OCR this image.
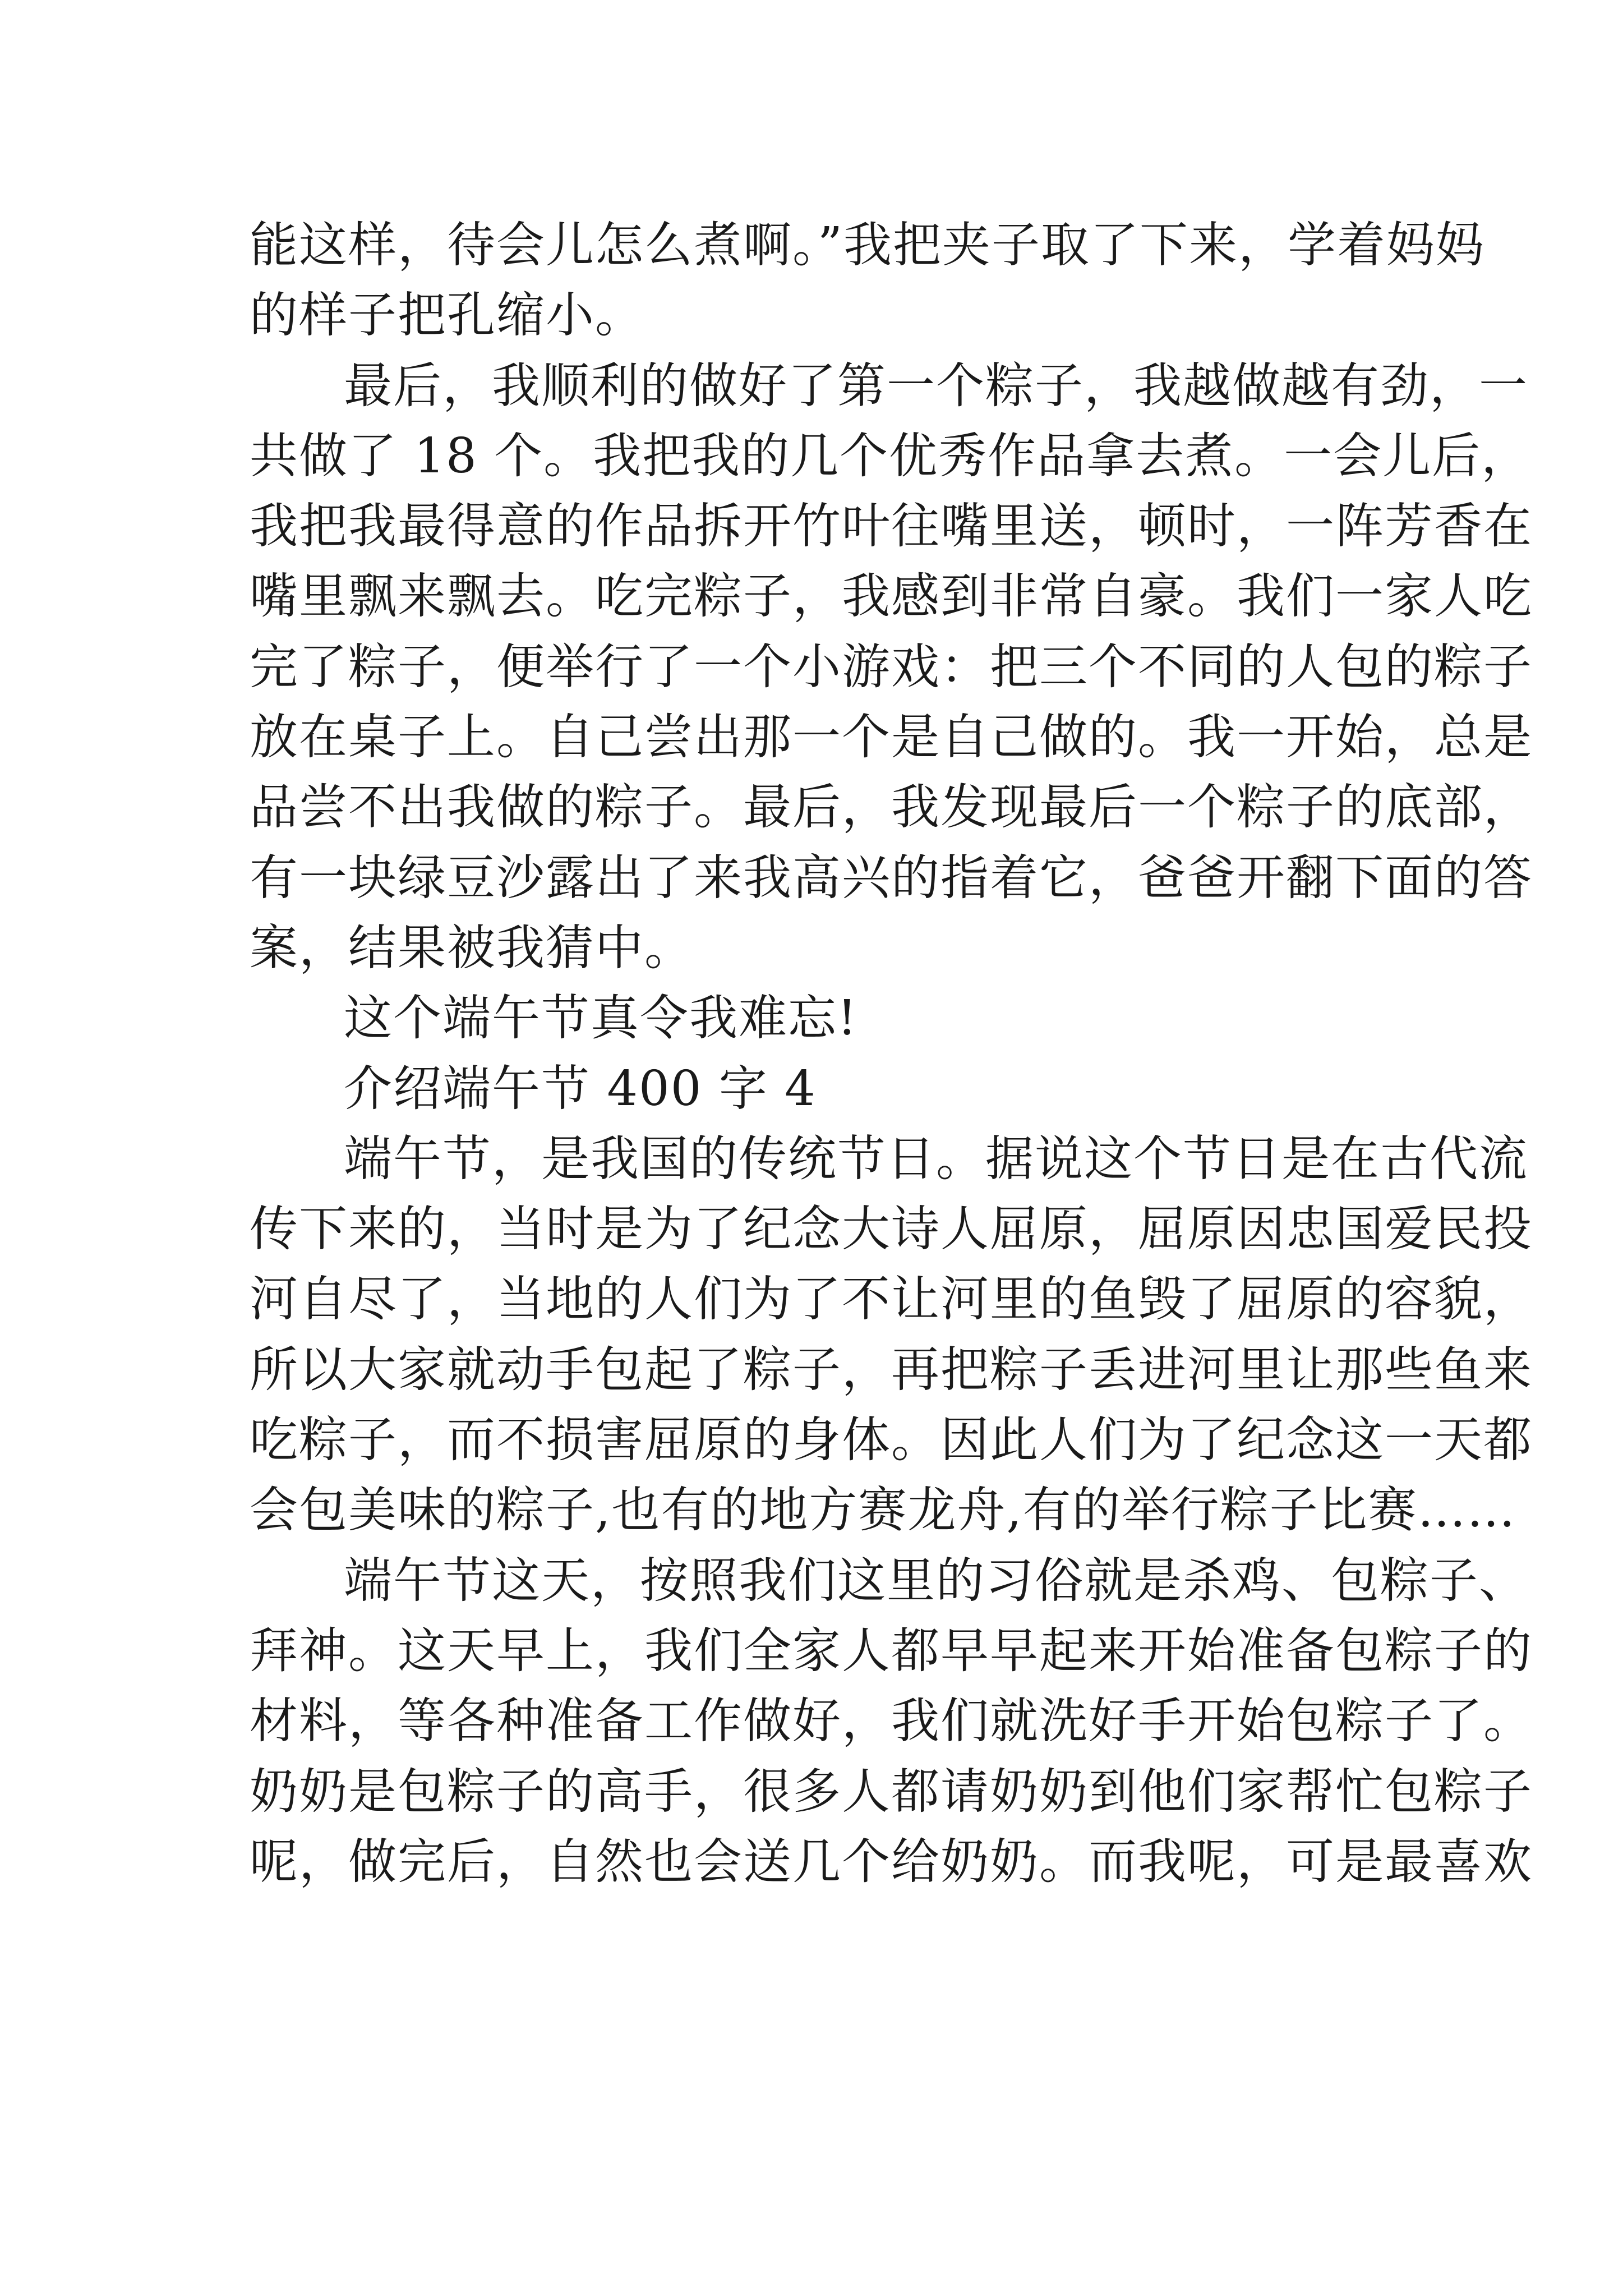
能这样，待会儿怎么煮啊。”我把夹子取了下来，学着妈妈
的样子把孔缩小。
最后，我顺利的做好了第一个粽子，我越做越有劲，一
共做了 18 个。我把我的几个优秀作品拿去煮。一会儿后，
我把我最得意的作品拆开竹叶往嘴里送，顿时，一阵芳香在
嘴里飘来飘去。吃完粽子，我感到非常自豪。我们一家人吃
完了粽子，便举行了一个小游戏：把三个不同的人包的粽子
放在桌子上。自己尝出那一个是自己做的。我一开始，总是
品尝不出我做的粽子。最后，我发现最后一个粽子的底部，
有一块绿豆沙露出了来我高兴的指着它，爸爸开翻下面的答
案，结果被我猜中。
这个端午节真令我难忘!
介绍端午节 400 字 4
端午节，是我国的传统节日。据说这个节日是在古代流
传下来的，当时是为了纪念大诗人屈原，屈原因忠国爱民投
河自尽了，当地的人们为了不让河里的鱼毁了屈原的容貌，
所以大家就动手包起了粽子，再把粽子丢进河里让那些鱼来
吃粽子，而不损害屈原的身体。因此人们为了纪念这一天都
会包美味的粽子,也有的地方赛龙舟,有的举行粽子比赛……
端午节这天，按照我们这里的习俗就是杀鸡、包粽子、
拜神。这天早上，我们全家人都早早起来开始准备包粽子的
材料，等各种准备工作做好，我们就洗好手开始包粽子了。
奶奶是包粽子的高手，很多人都请奶奶到他们家帮忙包粽子
呢，做完后，自然也会送几个给奶奶。而我呢，可是最喜欢
